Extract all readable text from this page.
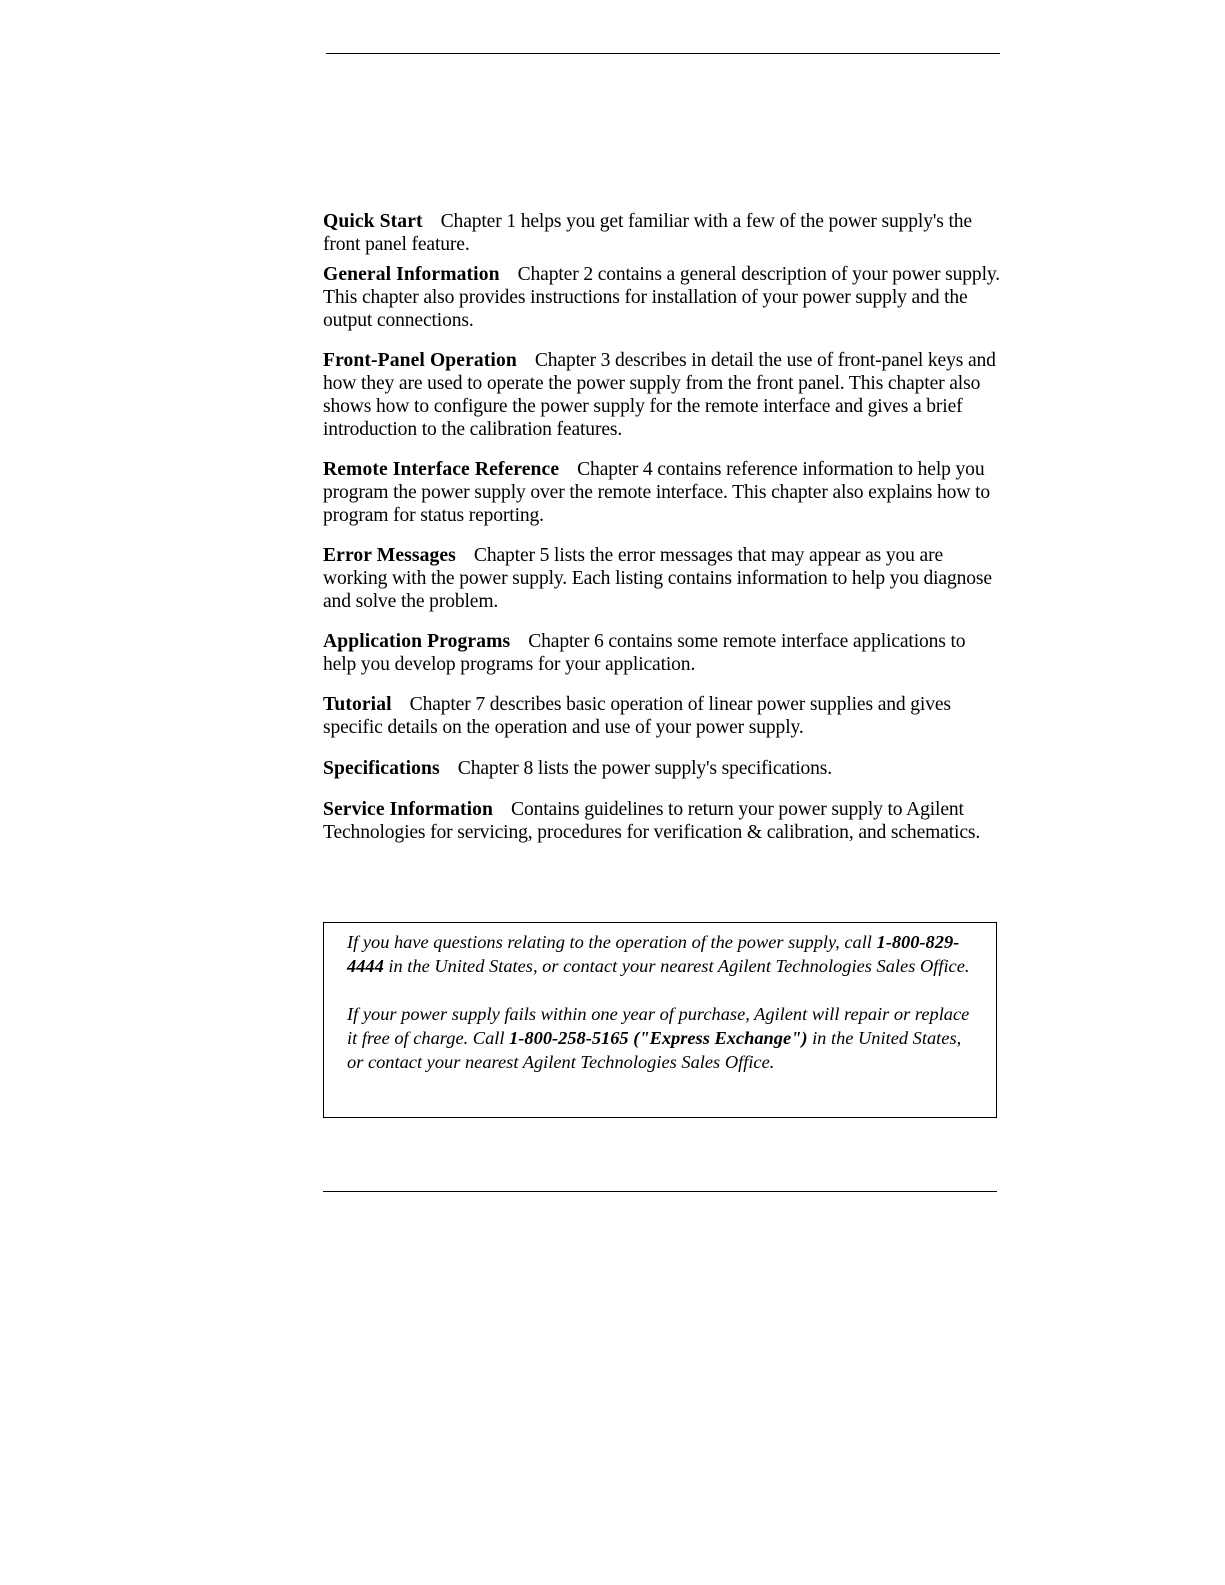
Quick Start Chapter 1 helps you get familiar with a few of the power supply's the front panel feature.

General Information Chapter 2 contains a general description of your power supply. This chapter also provides instructions for installation of your power supply and the output connections.

Front-Panel Operation Chapter 3 describes in detail the use of front-panel keys and how they are used to operate the power supply from the front panel. This chapter also shows how to configure the power supply for the remote interface and gives a brief introduction to the calibration features.

Remote Interface Reference Chapter 4 contains reference information to help you program the power supply over the remote interface. This chapter also explains how to program for status reporting.

Error Messages Chapter 5 lists the error messages that may appear as you are working with the power supply. Each listing contains information to help you diagnose and solve the problem.

Application Programs Chapter 6 contains some remote interface applications to help you develop programs for your application.

Tutorial Chapter 7 describes basic operation of linear power supplies and gives specific details on the operation and use of your power supply.

Specifications Chapter 8 lists the power supply's specifications.

Service Information Contains guidelines to return your power supply to Agilent Technologies for servicing, procedures for verification & calibration, and schematics.

If you have questions relating to the operation of the power supply, call 1-800-829-4444 in the United States, or contact your nearest Agilent Technologies Sales Office.

If your power supply fails within one year of purchase, Agilent will repair or replace it free of charge. Call 1-800-258-5165 ("Express Exchange") in the United States, or contact your nearest Agilent Technologies Sales Office.
